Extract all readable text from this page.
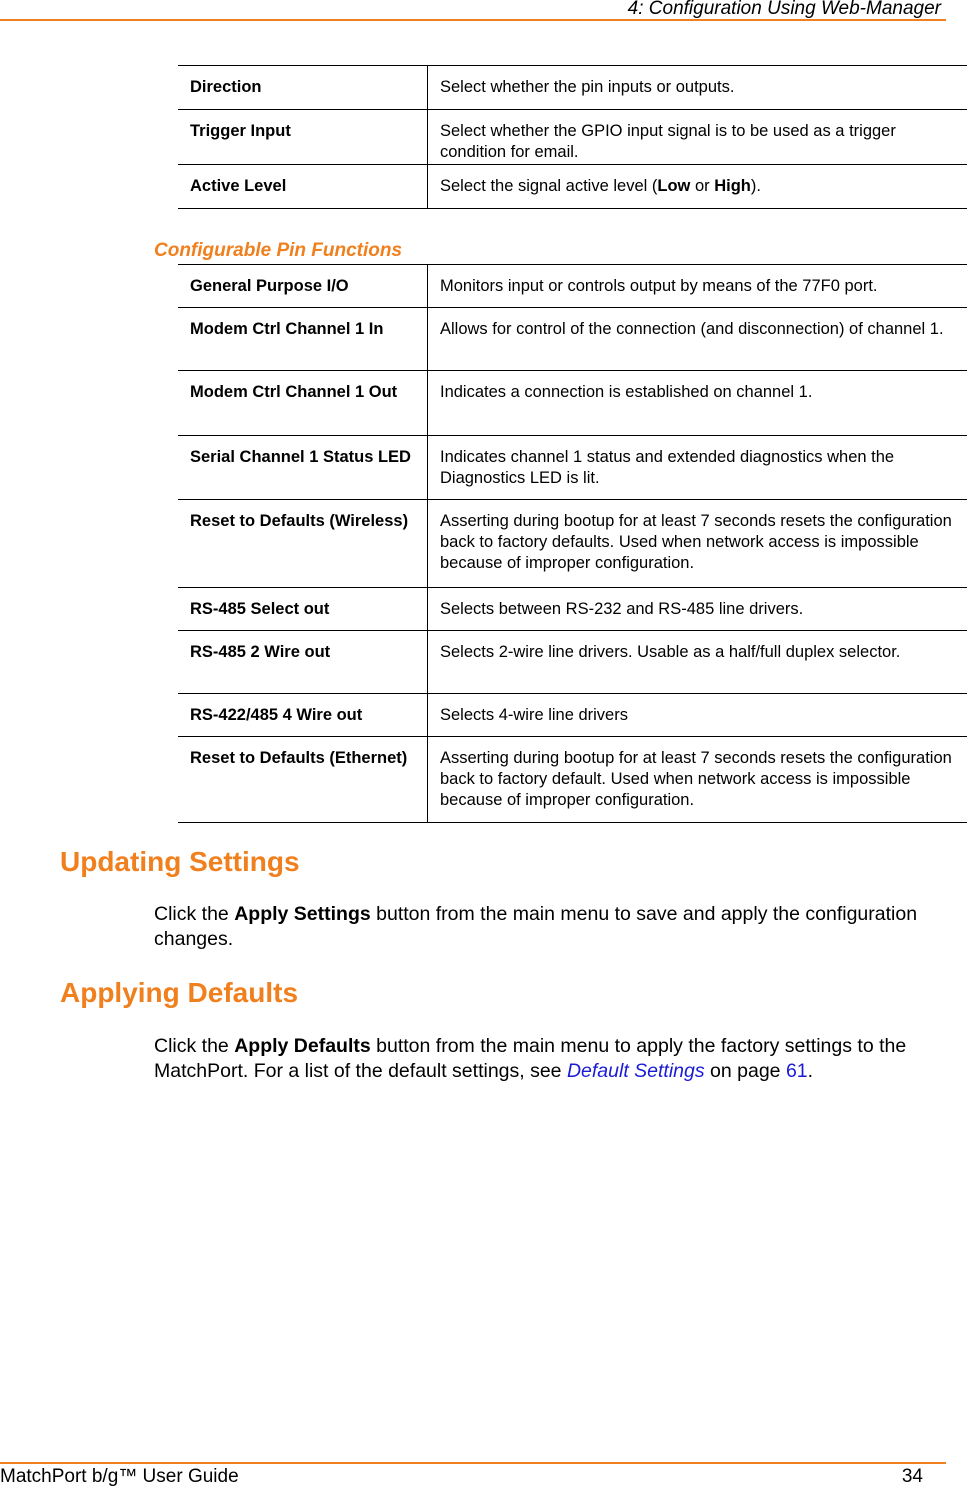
4: Configuration Using Web-Manager
Direction	Select whether the pin inputs or outputs.
Trigger Input	Select whether the GPIO input signal is to be used as a trigger condition for email.
Active Level	Select the signal active level (Low or High).
Configurable Pin Functions
General Purpose I/O	Monitors input or controls output by means of the 77F0 port.
Modem Ctrl Channel 1 In	Allows for control of the connection (and disconnection) of channel 1.
Modem Ctrl Channel 1 Out	Indicates a connection is established on channel 1.
Serial Channel 1 Status LED	Indicates channel 1 status and extended diagnostics when the Diagnostics LED is lit.
Reset to Defaults (Wireless)	Asserting during bootup for at least 7 seconds resets the configuration back to factory defaults. Used when network access is impossible because of improper configuration.
RS-485 Select out	Selects between RS-232 and RS-485 line drivers.
RS-485 2 Wire out	Selects 2-wire line drivers. Usable as a half/full duplex selector.
RS-422/485 4 Wire out	Selects 4-wire line drivers
Reset to Defaults (Ethernet)	Asserting during bootup for at least 7 seconds resets the configuration back to factory default. Used when network access is impossible because of improper configuration.
Updating Settings
Click the Apply Settings button from the main menu to save and apply the configuration changes.
Applying Defaults
Click the Apply Defaults button from the main menu to apply the factory settings to the MatchPort. For a list of the default settings, see Default Settings on page 61.
MatchPort b/g™ User Guide	34
